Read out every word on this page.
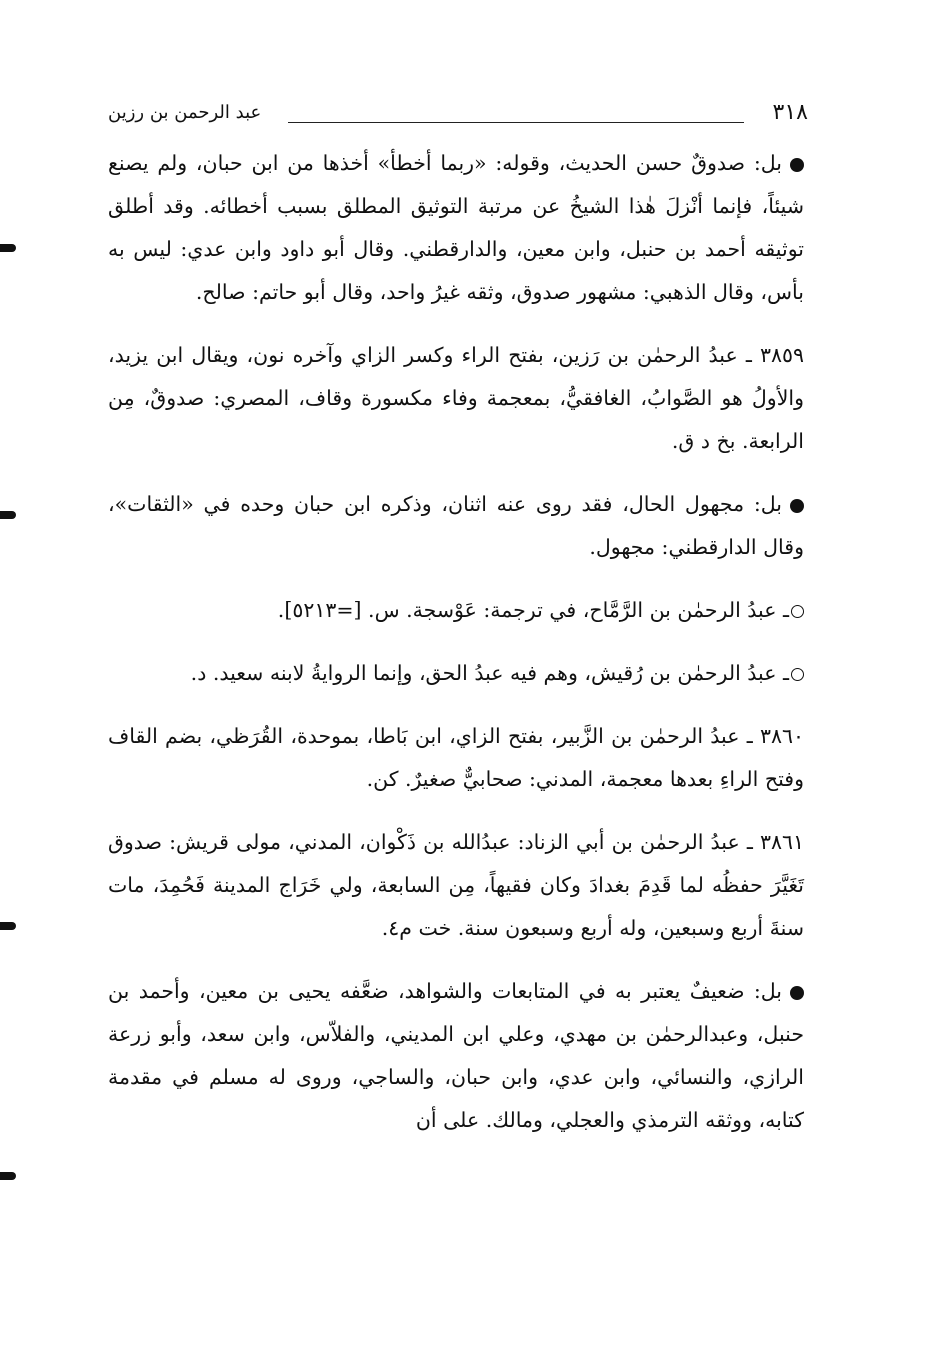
٣١٨
عبد الرحمن بن رزين

بل: صدوقٌ حسن الحديث، وقوله: «ربما أخطأ» أخذها من ابن حبان، ولم يصنع شيئاً، فإنما أنْزلَ هٰذا الشيخُ عن مرتبة التوثيق المطلق بسبب أخطائه. وقد أطلق توثيقه أحمد بن حنبل، وابن معين، والدارقطني. وقال أبو داود وابن عدي: ليس به بأس، وقال الذهبي: مشهور صدوق، وثقه غيرُ واحد، وقال أبو حاتم: صالح.

٣٨٥٩ ـ عبدُ الرحمٰن بن رَزين، بفتح الراء وكسر الزاي وآخره نون، ويقال ابن يزيد، والأولُ هو الصَّوابُ، الغافقيُّ، بمعجمة وفاء مكسورة وقاف، المصري: صدوقٌ، مِن الرابعة. بخ د ق.

بل: مجهول الحال، فقد روى عنه اثنان، وذكره ابن حبان وحده في «الثقات»، وقال الدارقطني: مجهول.

ـ عبدُ الرحمٰن بن الرَّمَّاح، في ترجمة: عَوْسجة. س. [=٥٢١٣].

ـ عبدُ الرحمٰن بن رُقيش، وهم فيه عبدُ الحق، وإنما الروايةُ لابنه سعيد. د.

٣٨٦٠ ـ عبدُ الرحمٰن بن الزَّبير، بفتح الزاي، ابن بَاطا، بموحدة، القُرَظي، بضم القاف وفتح الراءِ بعدها معجمة، المدني: صحابيٌّ صغيرٌ. كن.

٣٨٦١ ـ عبدُ الرحمٰن بن أبي الزناد: عبدُالله بن ذَكْوان، المدني، مولى قريش: صدوق تَغَيَّرَ حفظُه لما قَدِمَ بغدادَ وكان فقيهاً، مِن السابعة، ولي خَرَاج المدينة فَحُمِدَ، مات سنةَ أربع وسبعين، وله أربع وسبعون سنة. خت م٤.

بل: ضعيفٌ يعتبر به في المتابعات والشواهد، ضعَّفه يحيى بن معين، وأحمد بن حنبل، وعبدالرحمٰن بن مهدي، وعلي ابن المديني، والفلاّس، وابن سعد، وأبو زرعة الرازي، والنسائي، وابن عدي، وابن حبان، والساجي، وروى له مسلم في مقدمة كتابه، ووثقه الترمذي والعجلي، ومالك. على أن
